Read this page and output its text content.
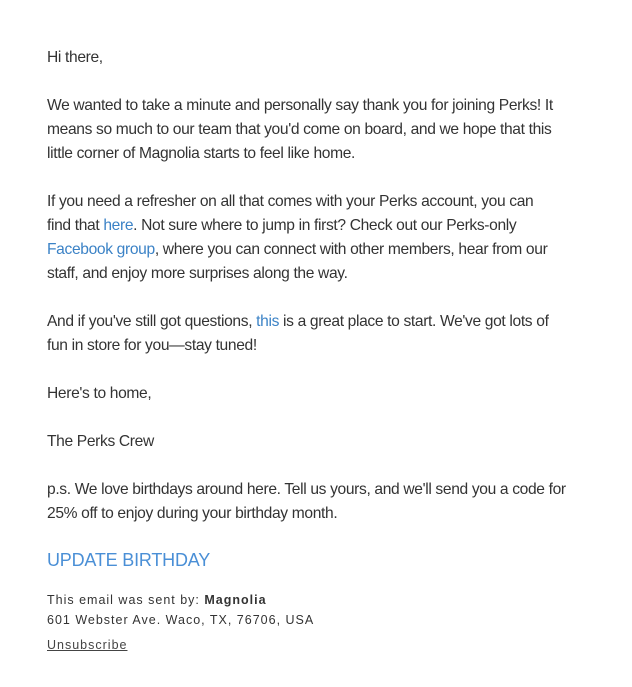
Hi there,

We wanted to take a minute and personally say thank you for joining Perks! It
means so much to our team that you'd come on board, and we hope that this
little corner of Magnolia starts to feel like home.

If you need a refresher on all that comes with your Perks account, you can
find that here. Not sure where to jump in first? Check out our Perks-only
Facebook group, where you can connect with other members, hear from our
staff, and enjoy more surprises along the way.

And if you've still got questions, this is a great place to start. We've got lots of
fun in store for you—stay tuned!

Here's to home,

The Perks Crew

p.s. We love birthdays around here. Tell us yours, and we'll send you a code for
25% off to enjoy during your birthday month.

UPDATE BIRTHDAY
This email was sent by: Magnolia
601 Webster Ave. Waco, TX, 76706, USA
Unsubscribe
